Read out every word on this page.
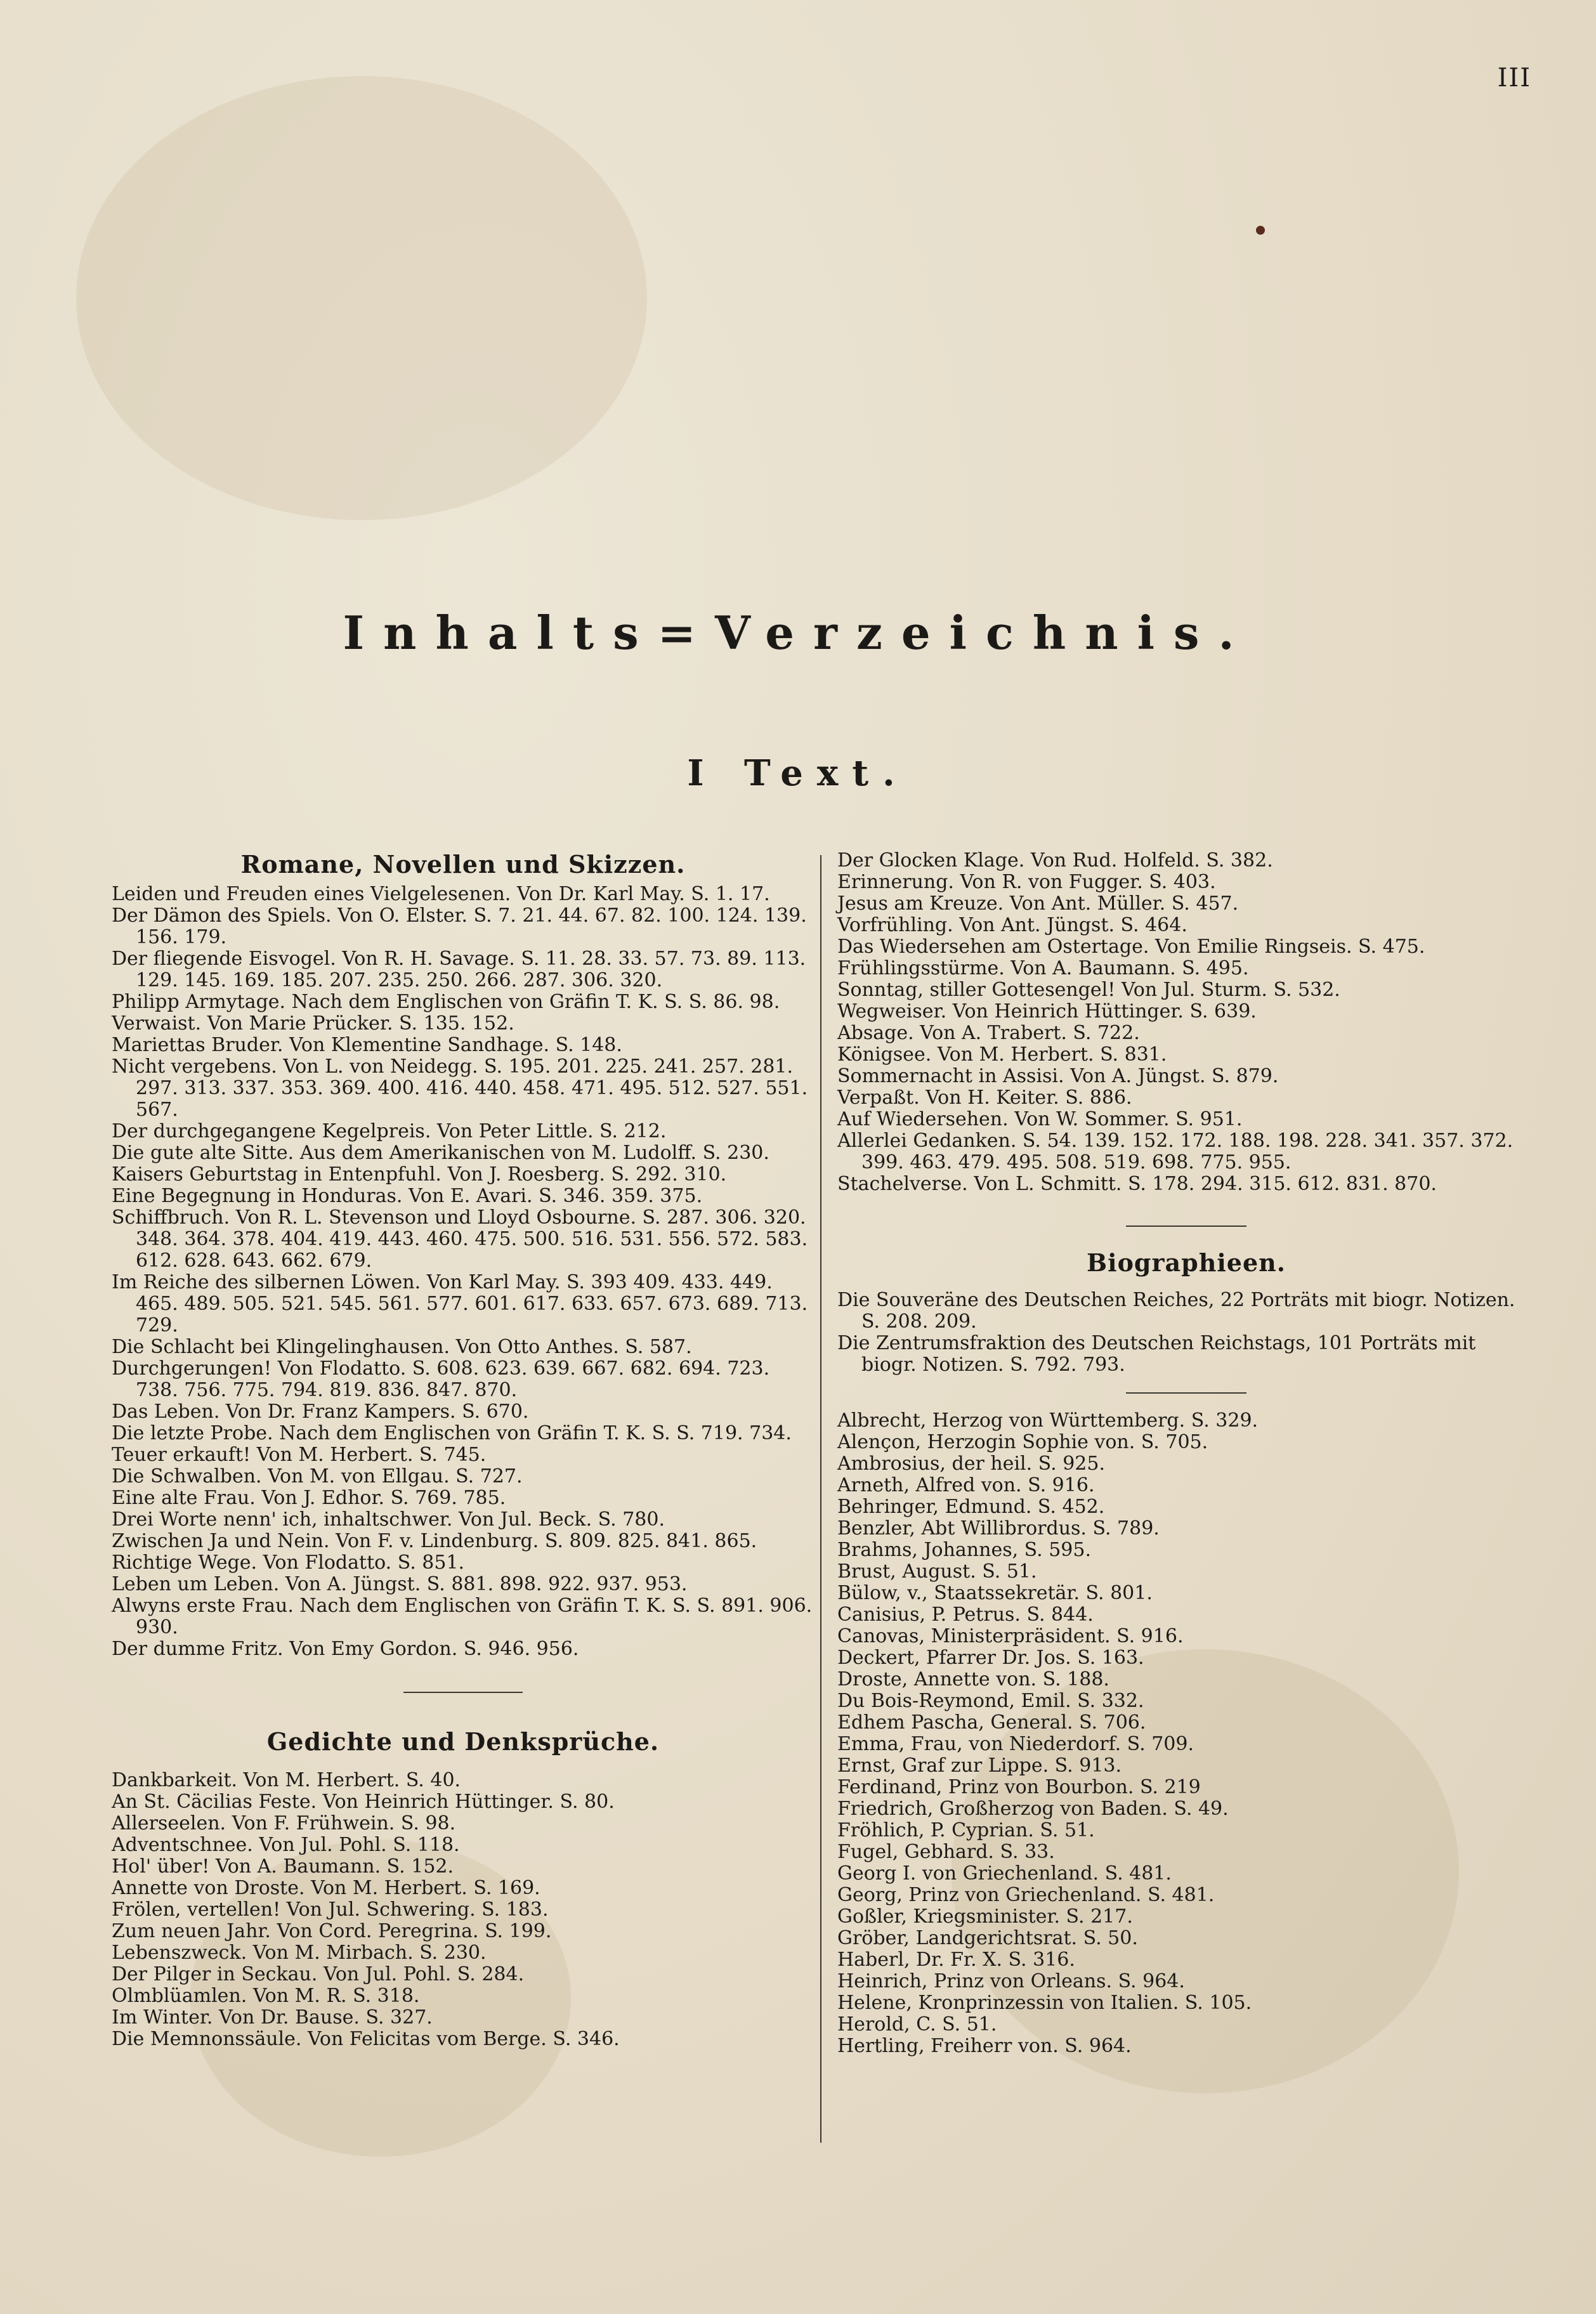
III
Inhalts=Verzeichnis.
I Text.
Romane, Novellen und Skizzen.

Leiden und Freuden eines Vielgelesenen. Von Dr. Karl May. S. 1. 17.

Der Dämon des Spiels. Von O. Elster. S. 7. 21. 44. 67. 82. 100. 124. 139. 156. 179.

Der fliegende Eisvogel. Von R. H. Savage. S. 11. 28. 33. 57. 73. 89. 113. 129. 145. 169. 185. 207. 235. 250. 266. 287. 306. 320.

Philipp Armytage. Nach dem Englischen von Gräfin T. K. S. S. 86. 98.

Verwaist. Von Marie Prücker. S. 135. 152.

Mariettas Bruder. Von Klementine Sandhage. S. 148.

Nicht vergebens. Von L. von Neidegg. S. 195. 201. 225. 241. 257. 281. 297. 313. 337. 353. 369. 400. 416. 440. 458. 471. 495. 512. 527. 551. 567.

Der durchgegangene Kegelpreis. Von Peter Little. S. 212.

Die gute alte Sitte. Aus dem Amerikanischen von M. Ludolff. S. 230.

Kaisers Geburtstag in Entenpfuhl. Von J. Roesberg. S. 292. 310.

Eine Begegnung in Honduras. Von E. Avari. S. 346. 359. 375.

Schiffbruch. Von R. L. Stevenson und Lloyd Osbourne. S. 287. 306. 320. 348. 364. 378. 404. 419. 443. 460. 475. 500. 516. 531. 556. 572. 583. 612. 628. 643. 662. 679.

Im Reiche des silbernen Löwen. Von Karl May. S. 393 409. 433. 449. 465. 489. 505. 521. 545. 561. 577. 601. 617. 633. 657. 673. 689. 713. 729.

Die Schlacht bei Klingelinghausen. Von Otto Anthes. S. 587.

Durchgerungen! Von Flodatto. S. 608. 623. 639. 667. 682. 694. 723. 738. 756. 775. 794. 819. 836. 847. 870.

Das Leben. Von Dr. Franz Kampers. S. 670.

Die letzte Probe. Nach dem Englischen von Gräfin T. K. S. S. 719. 734.

Teuer erkauft! Von M. Herbert. S. 745.

Die Schwalben. Von M. von Ellgau. S. 727.

Eine alte Frau. Von J. Edhor. S. 769. 785.

Drei Worte nenn' ich, inhaltschwer. Von Jul. Beck. S. 780.

Zwischen Ja und Nein. Von F. v. Lindenburg. S. 809. 825. 841. 865.

Richtige Wege. Von Flodatto. S. 851.

Leben um Leben. Von A. Jüngst. S. 881. 898. 922. 937. 953.

Alwyns erste Frau. Nach dem Englischen von Gräfin T. K. S. S. 891. 906. 930.

Der dumme Fritz. Von Emy Gordon. S. 946. 956.

Gedichte und Denksprüche.

Dankbarkeit. Von M. Herbert. S. 40.

An St. Cäcilias Feste. Von Heinrich Hüttinger. S. 80.

Allerseelen. Von F. Frühwein. S. 98.

Adventschnee. Von Jul. Pohl. S. 118.

Hol' über! Von A. Baumann. S. 152.

Annette von Droste. Von M. Herbert. S. 169.

Frölen, vertellen! Von Jul. Schwering. S. 183.

Zum neuen Jahr. Von Cord. Peregrina. S. 199.

Lebenszweck. Von M. Mirbach. S. 230.

Der Pilger in Seckau. Von Jul. Pohl. S. 284.

Olmblüamlen. Von M. R. S. 318.

Im Winter. Von Dr. Bause. S. 327.

Die Memnonssäule. Von Felicitas vom Berge. S. 346.

Der Glocken Klage. Von Rud. Holfeld. S. 382.

Erinnerung. Von R. von Fugger. S. 403.

Jesus am Kreuze. Von Ant. Müller. S. 457.

Vorfrühling. Von Ant. Jüngst. S. 464.

Das Wiedersehen am Ostertage. Von Emilie Ringseis. S. 475.

Frühlingsstürme. Von A. Baumann. S. 495.

Sonntag, stiller Gottesengel! Von Jul. Sturm. S. 532.

Wegweiser. Von Heinrich Hüttinger. S. 639.

Absage. Von A. Trabert. S. 722.

Königsee. Von M. Herbert. S. 831.

Sommernacht in Assisi. Von A. Jüngst. S. 879.

Verpaßt. Von H. Keiter. S. 886.

Auf Wiedersehen. Von W. Sommer. S. 951.

Allerlei Gedanken. S. 54. 139. 152. 172. 188. 198. 228. 341. 357. 372. 399. 463. 479. 495. 508. 519. 698. 775. 955.

Stachelverse. Von L. Schmitt. S. 178. 294. 315. 612. 831. 870.

Biographieen.

Die Souveräne des Deutschen Reiches, 22 Porträts mit biogr. Notizen. S. 208. 209.

Die Zentrumsfraktion des Deutschen Reichstags, 101 Porträts mit biogr. Notizen. S. 792. 793.

Albrecht, Herzog von Württemberg. S. 329.

Alençon, Herzogin Sophie von. S. 705.

Ambrosius, der heil. S. 925.

Arneth, Alfred von. S. 916.

Behringer, Edmund. S. 452.

Benzler, Abt Willibrordus. S. 789.

Brahms, Johannes, S. 595.

Brust, August. S. 51.

Bülow, v., Staatssekretär. S. 801.

Canisius, P. Petrus. S. 844.

Canovas, Ministerpräsident. S. 916.

Deckert, Pfarrer Dr. Jos. S. 163.

Droste, Annette von. S. 188.

Du Bois-Reymond, Emil. S. 332.

Edhem Pascha, General. S. 706.

Emma, Frau, von Niederdorf. S. 709.

Ernst, Graf zur Lippe. S. 913.

Ferdinand, Prinz von Bourbon. S. 219

Friedrich, Großherzog von Baden. S. 49.

Fröhlich, P. Cyprian. S. 51.

Fugel, Gebhard. S. 33.

Georg I. von Griechenland. S. 481.

Georg, Prinz von Griechenland. S. 481.

Goßler, Kriegsminister. S. 217.

Gröber, Landgerichtsrat. S. 50.

Haberl, Dr. Fr. X. S. 316.

Heinrich, Prinz von Orleans. S. 964.

Helene, Kronprinzessin von Italien. S. 105.

Herold, C. S. 51.

Hertling, Freiherr von. S. 964.
